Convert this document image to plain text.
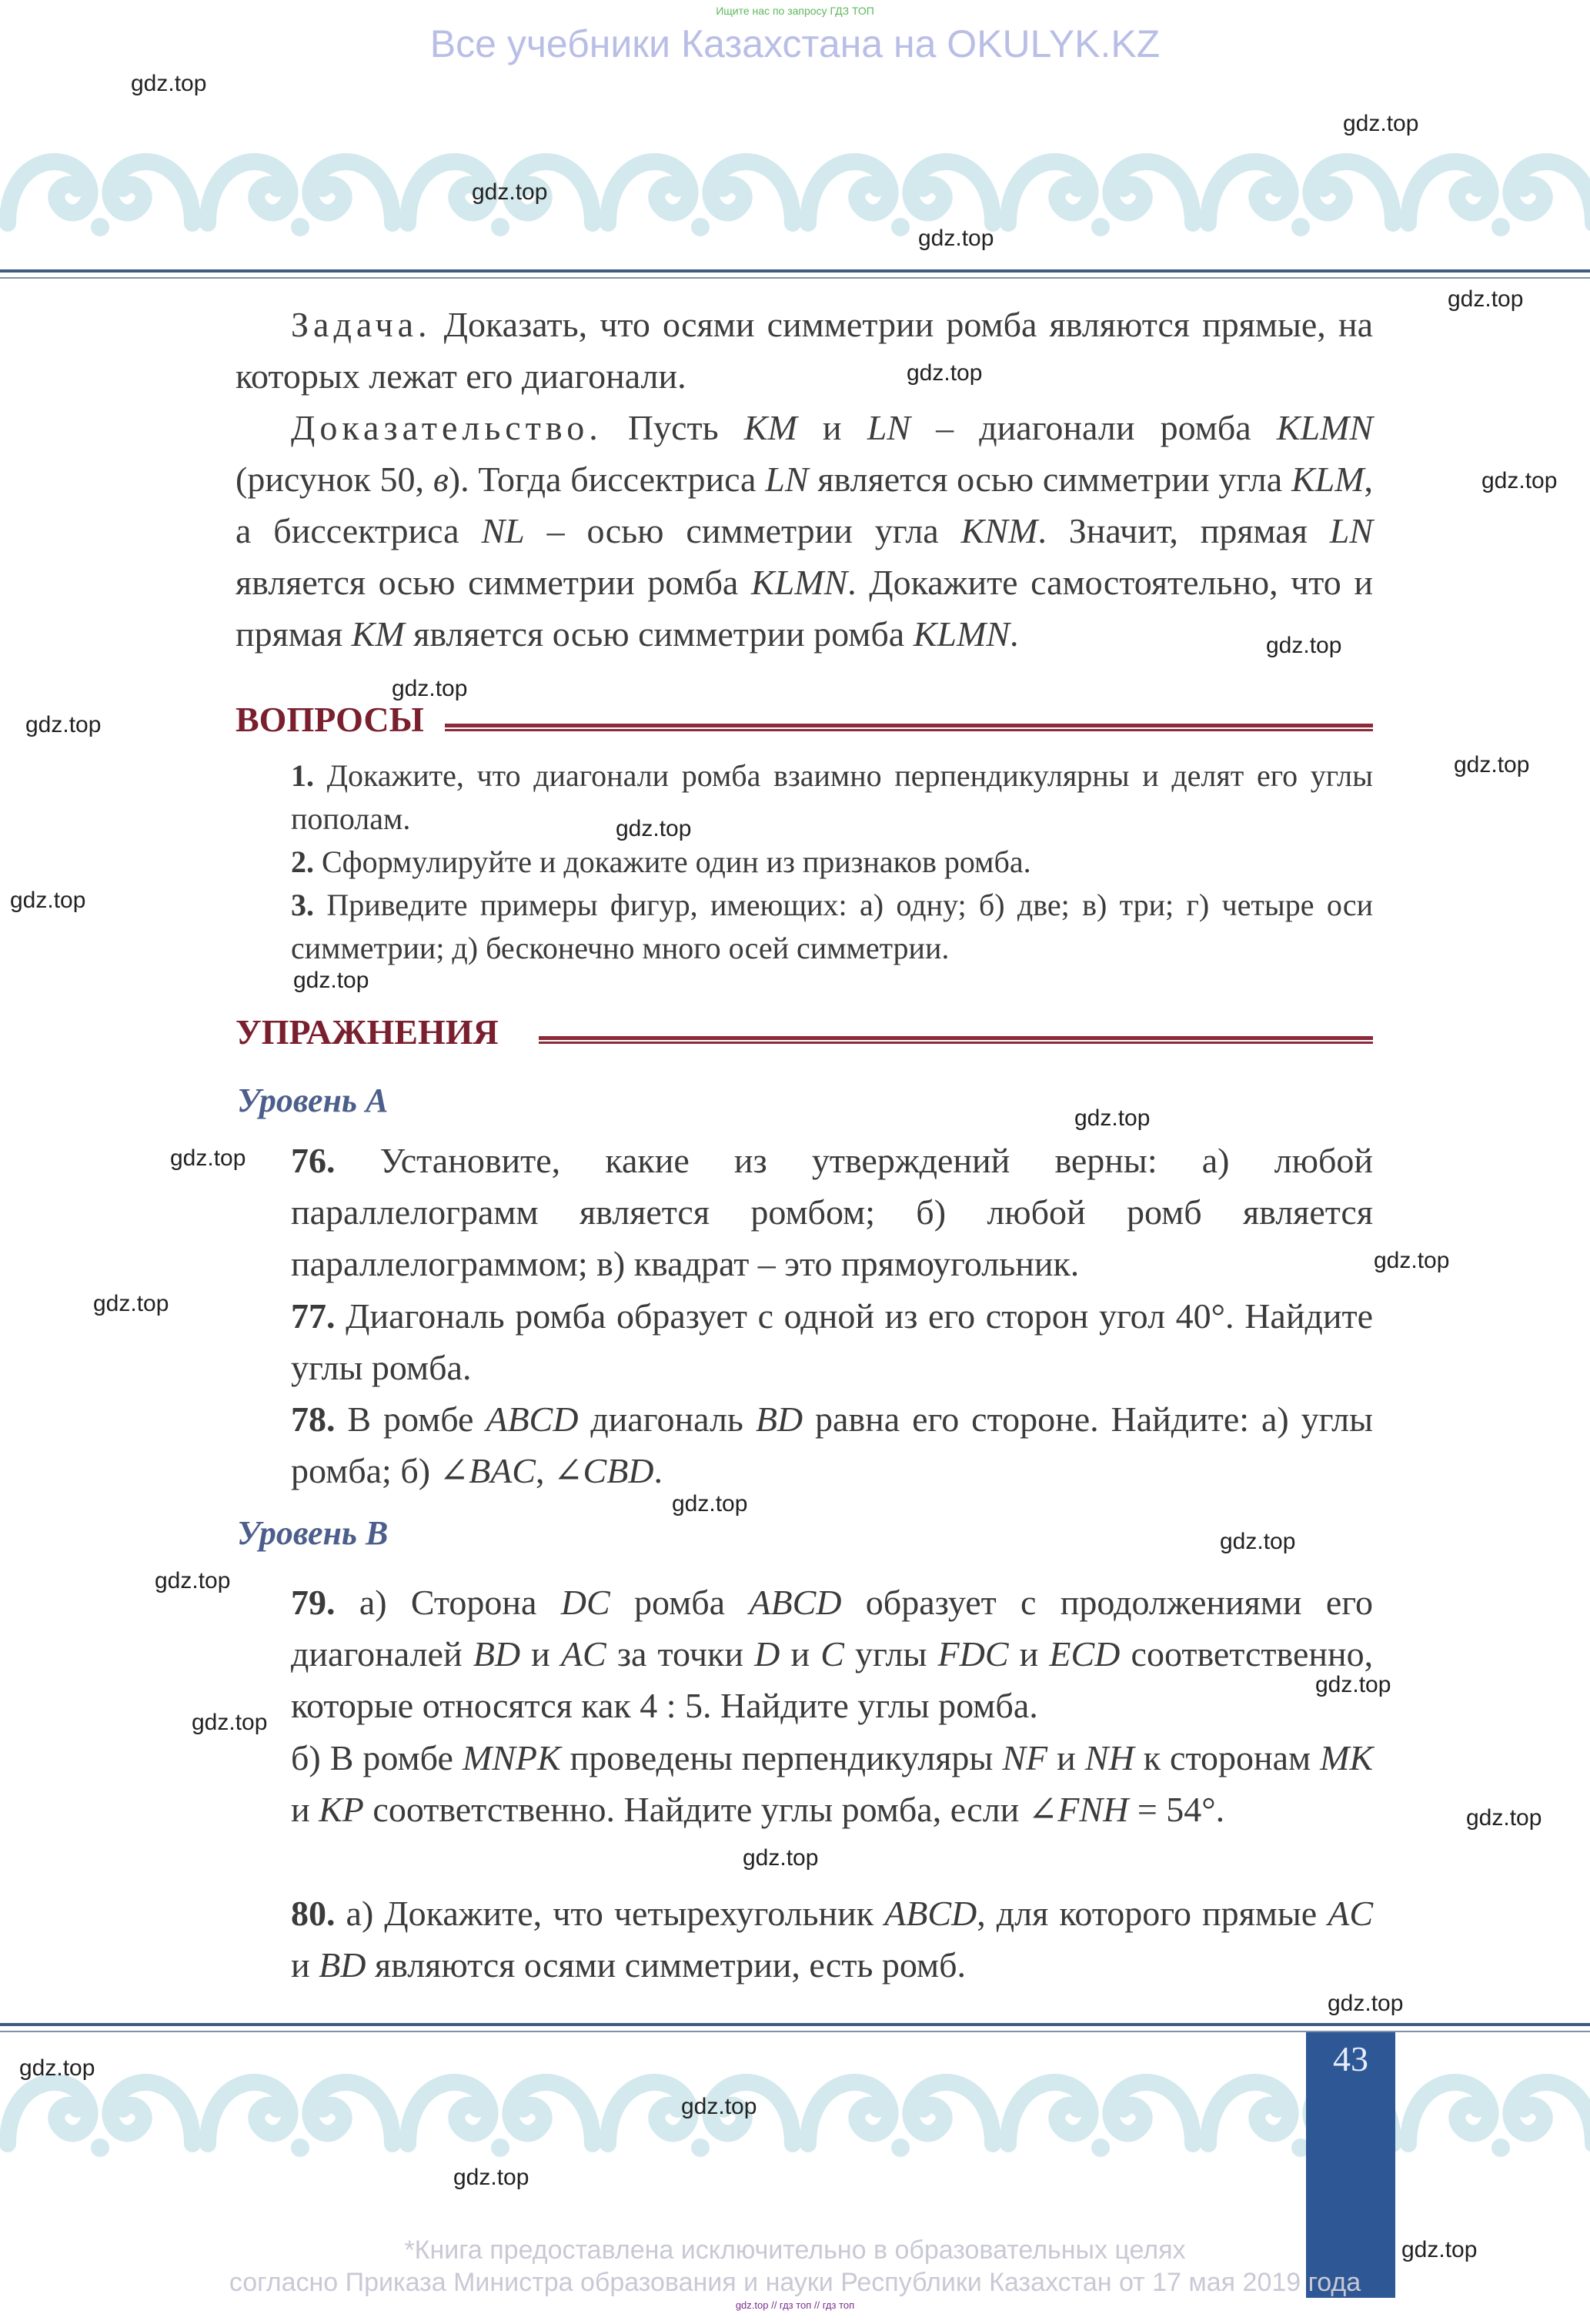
Ищите нас по запросу ГДЗ ТОП
Все учебники Казахстана на OKULYK.KZ
Задача. Доказать, что осями симметрии ромба являются прямые, на которых лежат его диагонали.
Доказательство. Пусть KM и LN – диагонали ромба KLMN (рисунок 50, в). Тогда биссектриса LN является осью симметрии угла KLM, а биссектриса NL – осью симметрии угла KNM. Значит, прямая LN является осью симметрии ромба KLMN. Докажите самостоятельно, что и прямая KM является осью симметрии ромба KLMN.
ВОПРОСЫ
1. Докажите, что диагонали ромба взаимно перпендикулярны и делят его углы пополам.
2. Сформулируйте и докажите один из признаков ромба.
3. Приведите примеры фигур, имеющих: а) одну; б) две; в) три; г) четыре оси симметрии; д) бесконечно много осей симметрии.
УПРАЖНЕНИЯ
Уровень А
76. Установите, какие из утверждений верны: а) любой параллелограмм является ромбом; б) любой ромб является параллелограммом; в) квадрат – это прямоугольник.
77. Диагональ ромба образует с одной из его сторон угол 40°. Найдите углы ромба.
78. В ромбе ABCD диагональ BD равна его стороне. Найдите: а) углы ромба; б) ∠BAC, ∠CBD.
Уровень В
79. а) Сторона DC ромба ABCD образует с продолжениями его диагоналей BD и AC за точки D и C углы FDC и ECD соответственно, которые относятся как 4 : 5. Найдите углы ромба.
б) В ромбе MNPK проведены перпендикуляры NF и NH к сторонам MK и KP соответственно. Найдите углы ромба, если ∠FNH = 54°.
80. а) Докажите, что четырехугольник ABCD, для которого прямые AC и BD являются осями симметрии, есть ромб.
43
*Книга предоставлена исключительно в образовательных целях
согласно Приказа Министра образования и науки Республики Казахстан от 17 мая 2019 года
gdz.top // гдз топ // гдз топ
gdz.top
gdz.top
gdz.top
gdz.top
gdz.top
gdz.top
gdz.top
gdz.top
gdz.top
gdz.top
gdz.top
gdz.top
gdz.top
gdz.top
gdz.top
gdz.top
gdz.top
gdz.top
gdz.top
gdz.top
gdz.top
gdz.top
gdz.top
gdz.top
gdz.top
gdz.top
gdz.top
gdz.top
gdz.top
gdz.top
